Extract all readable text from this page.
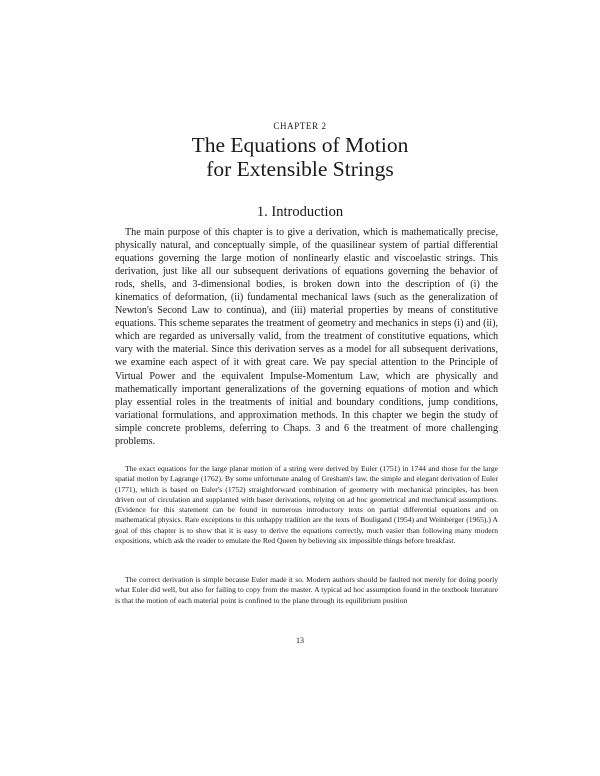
CHAPTER 2
The Equations of Motion
for Extensible Strings
1. Introduction

The main purpose of this chapter is to give a derivation, which is mathematically precise, physically natural, and conceptually simple, of the quasilinear system of partial differential equations governing the large motion of nonlinearly elastic and viscoelastic strings. This derivation, just like all our subsequent derivations of equations governing the behavior of rods, shells, and 3-dimensional bodies, is broken down into the description of (i) the kinematics of deformation, (ii) fundamental mechanical laws (such as the generalization of Newton's Second Law to continua), and (iii) material properties by means of constitutive equations. This scheme separates the treatment of geometry and mechanics in steps (i) and (ii), which are regarded as universally valid, from the treatment of constitutive equations, which vary with the material. Since this derivation serves as a model for all subsequent derivations, we examine each aspect of it with great care. We pay special attention to the Principle of Virtual Power and the equivalent Impulse-Momentum Law, which are physically and mathematically important generalizations of the governing equations of motion and which play essential roles in the treatments of initial and boundary conditions, jump conditions, variational formulations, and approximation methods. In this chapter we begin the study of simple concrete problems, deferring to Chaps. 3 and 6 the treatment of more challenging problems.

The exact equations for the large planar motion of a string were derived by Euler (1751) in 1744 and those for the large spatial motion by Lagrange (1762). By some unfortunate analog of Gresham's law, the simple and elegant derivation of Euler (1771), which is based on Euler's (1752) straightforward combination of geometry with mechanical principles, has been driven out of circulation and supplanted with baser derivations, relying on ad hoc geometrical and mechanical assumptions. (Evidence for this statement can be found in numerous introductory texts on partial differential equations and on mathematical physics. Rare exceptions to this unhappy tradition are the texts of Bouligand (1954) and Weinberger (1965).) A goal of this chapter is to show that it is easy to derive the equations correctly, much easier than following many modern expositions, which ask the reader to emulate the Red Queen by believing six impossible things before breakfast.

The correct derivation is simple because Euler made it so. Modern authors should be faulted not merely for doing poorly what Euler did well, but also for failing to copy from the master. A typical ad hoc assumption found in the textbook literature is that the motion of each material point is confined to the plane through its equilibrium position

13
